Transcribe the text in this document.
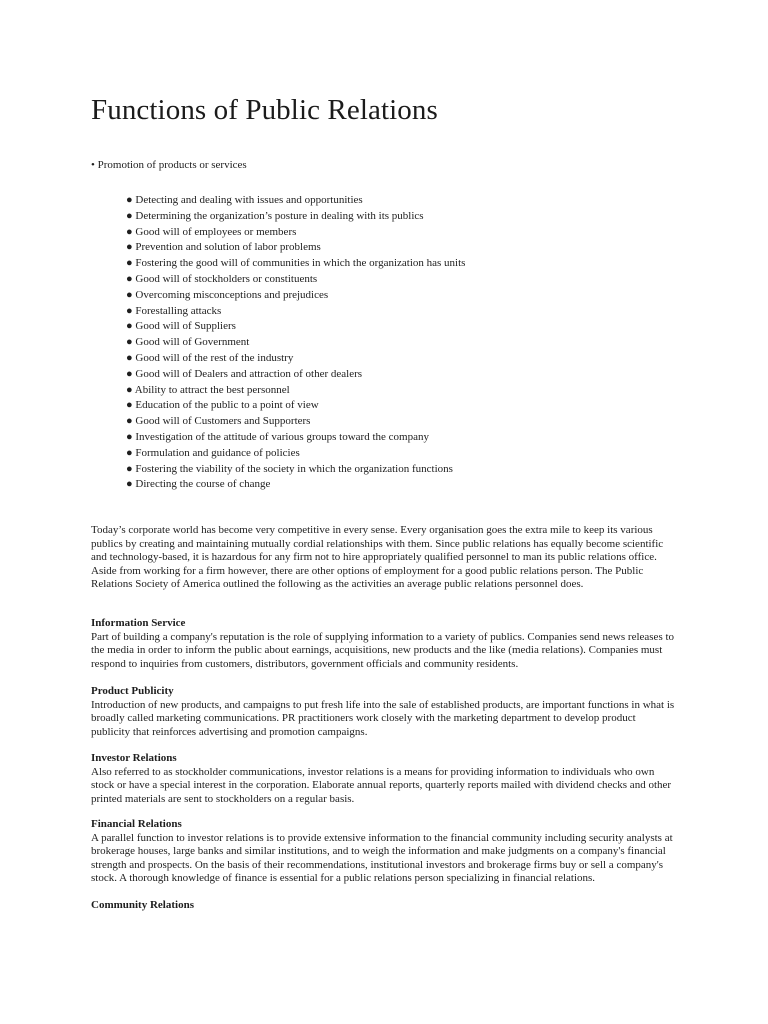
Functions of Public Relations
• Promotion of products or services
● Detecting and dealing with issues and opportunities
● Determining the organization’s posture in dealing with its publics
● Good will of employees or members
● Prevention and solution of labor problems
● Fostering the good will of communities in which the organization has units
● Good will of stockholders or constituents
● Overcoming misconceptions and prejudices
● Forestalling attacks
● Good will of Suppliers
● Good will of Government
● Good will of the rest of the industry
● Good will of Dealers and attraction of other dealers
● Ability to attract the best personnel
● Education of the public to a point of view
● Good will of Customers and Supporters
● Investigation of the attitude of various groups toward the company
● Formulation and guidance of policies
● Fostering the viability of the society in which the organization functions
● Directing the course of change

Today’s corporate world has become very competitive in every sense. Every organisation goes the extra mile to keep its various publics by creating and maintaining mutually cordial relationships with them. Since public relations has equally become scientific and technology-based, it is hazardous for any firm not to hire appropriately qualified personnel to man its public relations office. Aside from working for a firm however, there are other options of employment for a good public relations person. The Public Relations Society of America outlined the following as the activities an average public relations personnel does.

Information Service

Part of building a company's reputation is the role of supplying information to a variety of publics. Companies send news releases to the media in order to inform the public about earnings, acquisitions, new products and the like (media relations). Companies must respond to inquiries from customers, distributors, government officials and community residents.

Product Publicity

Introduction of new products, and campaigns to put fresh life into the sale of established products, are important functions in what is broadly called marketing communications. PR practitioners work closely with the marketing department to develop product publicity that reinforces advertising and promotion campaigns.

Investor Relations

Also referred to as stockholder communications, investor relations is a means for providing information to individuals who own stock or have a special interest in the corporation. Elaborate annual reports, quarterly reports mailed with dividend checks and other printed materials are sent to stockholders on a regular basis.

Financial Relations

A parallel function to investor relations is to provide extensive information to the financial community including security analysts at brokerage houses, large banks and similar institutions, and to weigh the information and make judgments on a company's financial strength and prospects. On the basis of their recommendations, institutional investors and brokerage firms buy or sell a company's stock. A thorough knowledge of finance is essential for a public relations person specializing in financial relations.

Community Relations
